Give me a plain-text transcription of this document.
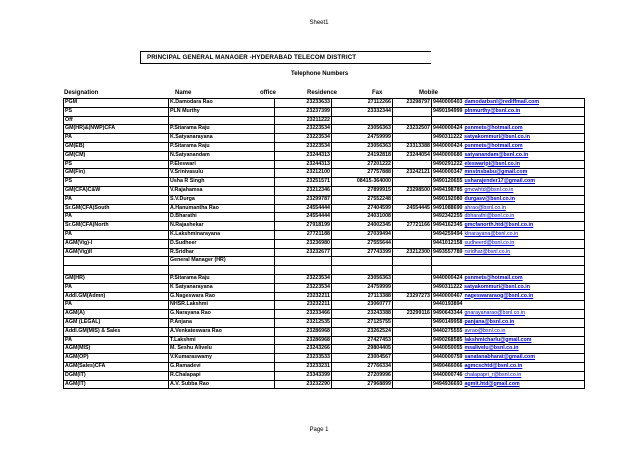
Sheet1
PRINCIPAL GENERAL MANAGER -HYDERABAD TELECOM DISTRICT
Telephone Numbers
Designation	Name	office	Residence	Fax	Mobile
PGM	K.Damodara Rao	23233633	27112266	23298797	9440000403 damodarbsnl@rediffmail.com
PS	PLN Murthy	23237399	23332344		9490194999 plnmurthy@bsnl.co.in
Off		23211222			
GM(HR)&(NWP)CFA	P.Sitarama Raju	23223534	23056363	23232507	9440000424 psnmets@hotmail.com
PA	K.Satyanarayana	23223534	24759999		9490311222 satyakommuri@bsnl.co.in
GM(EB)	P.Sitarama Raju	23223534	23056363	23313388	9440000424 psnmets@hotmail.com
GM(CM)	N.Satyanandam	23244313	24192818	23244054	9440000680 satyanandam@bsnl.co.in
PS	P.Eleswari	23244313	27201222		9490291222 eleswaripi@bsnl.co.in
GM(Fin)	V.Srinivasulu	23212100	27757888	23242121	9440000347 mnstnsbabu@gmail.com
PS	Usha R Singh	23251571	08415-364000		9490120655 usharajender17@gmail.com
GM(CFA)C&W	V.Rajahamsa	23212346	27899915	23298500	9494198785 gmcwhtd@bsnl.co.in
PA	S.V.Durga	23299787	27552248		9490192080 durgasv@bsnl.co.in
Sr.GM(CFA)South	A.Hanumantha Rao	24554444	27404599	24554445	9491088690 ahrao@bsnl.co.in
PA	D.Bharathi	24554444	24031008		9492342255 dbharathi@bsnl.co.in
Sr.GM(CFA)North	N.Rajashekar	27918199	24002345	27721166	9494162345 gmcfanorth.htd@bsnl.co.in
PA	K.Lakshminarayana	27721188	27039494		9494259494 klnarayana@bsnl.co.in
AGM(Vig)-I	D.Sudheer	23236980	27555644		9441012158 sudheerd@bsnl.co.in
AGM(Vig)II	R.Sridhar	23232677	27743399	23212300	9493557789 rsridhar@bsnl.co.in
	General Manager (HR)				

GM(HR)	P.Sitarama Raju	23223534	23056363		9440000424 psnmets@hotmail.com
PA	K Satyanarayana	23223534	24759999		9490311222 satyakommuri@bsnl.co.in
Addl.GM(Admn)	G.Nageswara Rao	23232211	27113388	23297273	9440000467 nageswararaog@bsnl.co.in
PA	NHSR.Lakshmi	23232211	23060777		9440193894
AGM(A)	G.Narayana Rao	23233466	23243388	23299116	9490643344 gnarayanarao@bsnl.co.in
AGM (LEGAL)	P.Anjana	23212535	27125755		9490149958 panjana@bsnl.co.in
Addl.GM(MIS) & Sales	A.Venkateswara Rao	23286968	23262524		9440275555 avrao@bsnl.co.in
PA	T.Lakshmi	23286968	27427453		9490268585 lakshmicharlu@gmail.com
AGM(MIS)	M. Seshu Alivelu	23243266	29804405		9440050055 msalivelu@bsnl.co.in
AGM(OP)	V.Kumaraswamy	23233533	23004567		9440000759 sanatanabharat@gmail.com
AGM(Sales)CFA	G.Ramadevi	23233231	27766334		9490466066 agmcschtd@bsnl.co.in
DGM(IT)	R.Chalapapi	23343399	27209996		9440000746 chalapapri_r@bsnl.co.in
AGM(IT)	A.V. Subba Rao	23232290	27968899		9494936693 agmit.htd@gmail.com
Page 1
